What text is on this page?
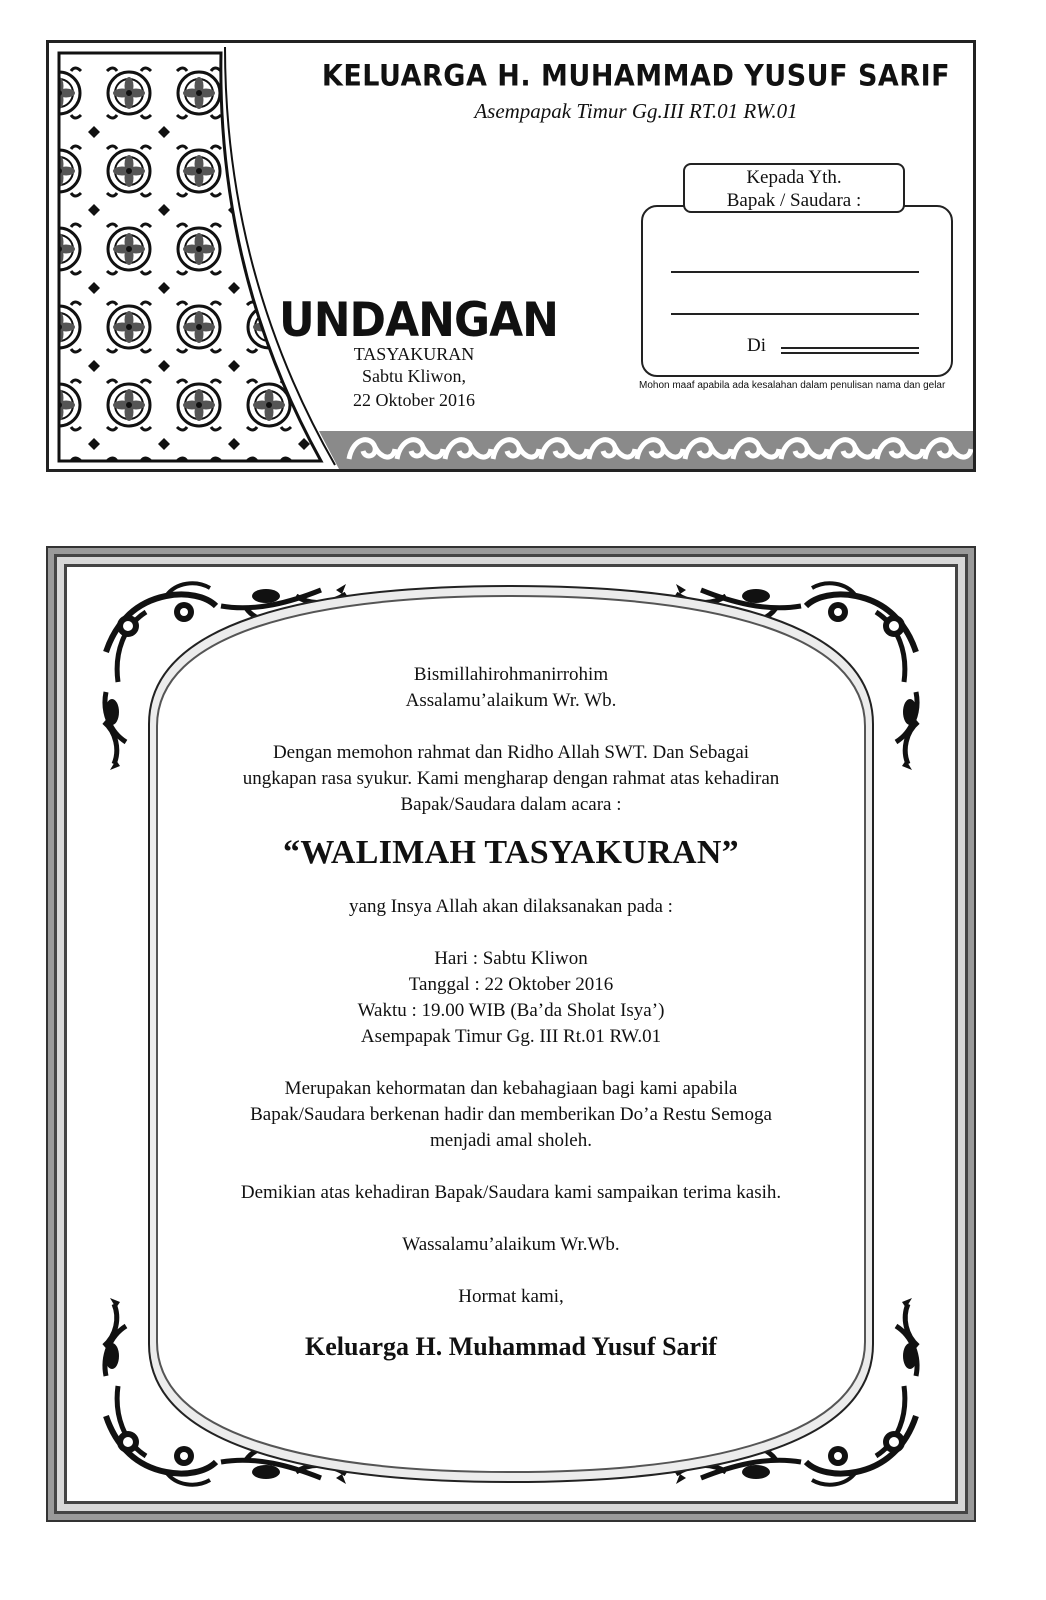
KELUARGA H. MUHAMMAD YUSUF SARIF
Asempapak Timur Gg.III RT.01 RW.01
UNDANGAN
TASYAKURAN
Sabtu Kliwon,
22 Oktober 2016
Kepada Yth.
Bapak / Saudara :
Di
Mohon maaf apabila ada kesalahan dalam penulisan nama dan gelar
Bismillahirohmanirrohim
Assalamu’alaikum Wr. Wb.
Dengan memohon rahmat dan Ridho Allah SWT. Dan Sebagai
ungkapan rasa syukur. Kami mengharap dengan rahmat atas kehadiran
Bapak/Saudara dalam acara :
“WALIMAH TASYAKURAN”
yang Insya Allah akan dilaksanakan pada :
Hari : Sabtu Kliwon
Tanggal : 22 Oktober 2016
Waktu : 19.00 WIB (Ba’da Sholat Isya’)
Asempapak Timur Gg. III Rt.01 RW.01
Merupakan kehormatan dan kebahagiaan bagi kami apabila
Bapak/Saudara berkenan hadir dan memberikan Do’a Restu Semoga
menjadi amal sholeh.
Demikian atas kehadiran Bapak/Saudara kami sampaikan terima kasih.
Wassalamu’alaikum Wr.Wb.
Hormat kami,
Keluarga H. Muhammad Yusuf Sarif
